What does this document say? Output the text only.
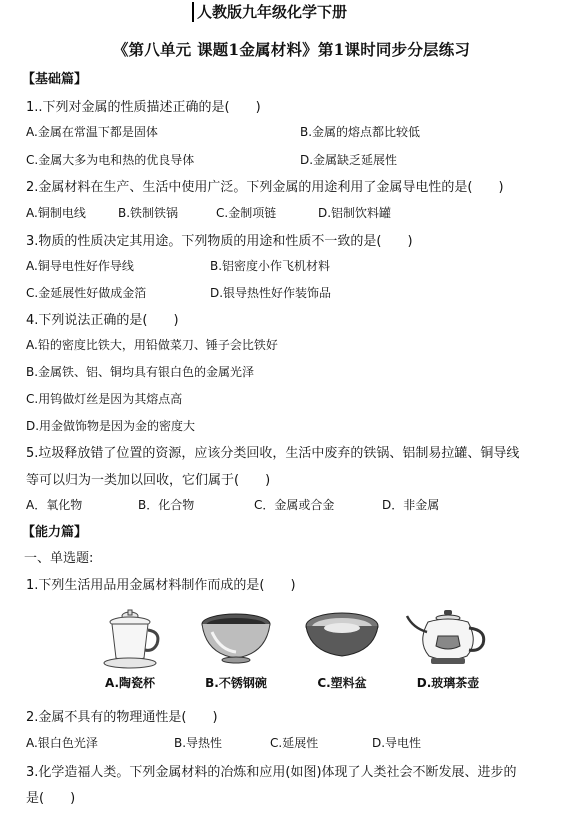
人教版九年级化学下册
《第八单元 课题1金属材料》第1课时同步分层练习
【基础篇】
1..下列对金属的性质描述正确的是(　　)
A.金属在常温下都是固体	B.金属的熔点都比较低
C.金属大多为电和热的优良导体	D.金属缺乏延展性
2.金属材料在生产、生活中使用广泛。下列金属的用途利用了金属导电性的是(　　)
A.铜制电线	B.铁制铁锅	C.金制项链	D.铝制饮料罐
3.物质的性质决定其用途。下列物质的用途和性质不一致的是(　　)
A.铜导电性好作导线	B.铝密度小作飞机材料
C.金延展性好做成金箔	D.银导热性好作装饰品
4.下列说法正确的是(　　)
A.铅的密度比铁大，用铅做菜刀、锤子会比铁好
B.金属铁、铝、铜均具有银白色的金属光泽
C.用钨做灯丝是因为其熔点高
D.用金做饰物是因为金的密度大
5.垃圾释放错了位置的资源，应该分类回收，生活中废弃的铁锅、铝制易拉罐、铜导线
等可以归为一类加以回收，它们属于(　　)
A．氧化物	B．化合物	C．金属或合金	D．非金属
【能力篇】
一、单选题:
1.下列生活用品用金属材料制作而成的是(　　)
A.陶瓷杯	B.不锈钢碗	C.塑料盆	D.玻璃茶壶
2.金属不具有的物理通性是(　　)
A.银白色光泽	B.导热性	C.延展性	D.导电性
3.化学造福人类。下列金属材料的冶炼和应用(如图)体现了人类社会不断发展、进步的
是(　　)
